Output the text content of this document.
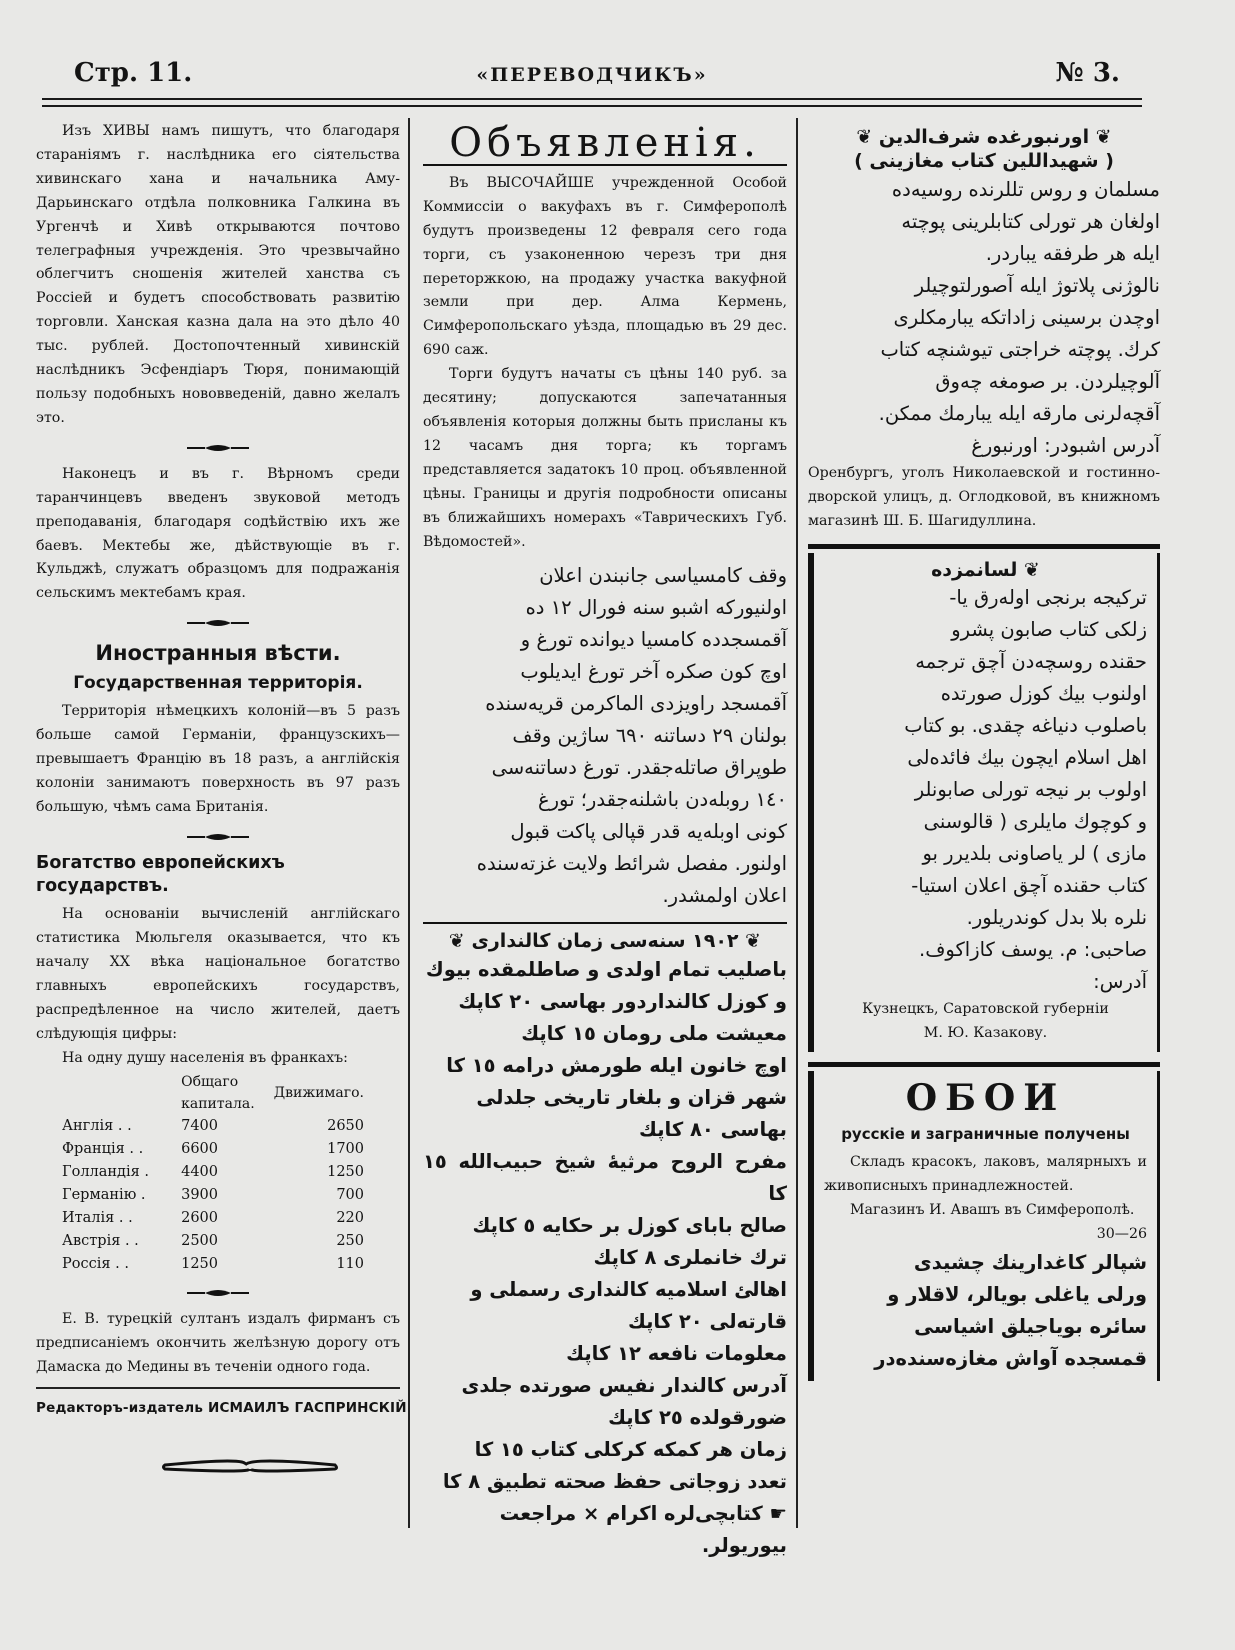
Стр. 11.	«ПЕРЕВОДЧИКЪ»	№ 3.

Изъ ХИВЫ намъ пишутъ, что благодаря стараніямъ г. наслѣдника его сіятельства хивинскаго хана и начальника Аму-Дарьинскаго отдѣла полковника Галкина въ Ургенчѣ и Хивѣ открываются почтово телеграфныя учрежденія. Это чрезвычайно облегчитъ сношенія жителей ханства съ Россіей и будетъ способствовать развитію торговли. Ханская казна дала на это дѣло 40 тыс. рублей. Достопочтенный хивинскій наслѣдникъ Эсфендіаръ Тюря, понимающій пользу подобныхъ нововведеній, давно желалъ это.

Наконецъ и въ г. Вѣрномъ среди таранчинцевъ введенъ звуковой методъ преподаванія, благодаря содѣйствію ихъ же баевъ. Мектебы же, дѣйствующіе въ г. Кульджѣ, служатъ образцомъ для подражанія сельскимъ мектебамъ края.

Иностранныя вѣсти.
Государственная территорія.

Территорія нѣмецкихъ колоній—въ 5 разъ больше самой Германіи, французскихъ—превышаетъ Францію въ 18 разъ, а англійскія колоніи занимаютъ поверхность въ 97 разъ большую, чѣмъ сама Британія.

Богатство европейскихъ государствъ.

На основаніи вычисленій англійскаго статистика Мюльгеля оказывается, что къ началу XX вѣка національное богатство главныхъ европейскихъ государствъ, распредѣленное на число жителей, даетъ слѣдующія цифры:

На одну душу населенія въ франкахъ:
	Общаго капитала.	Движимаго.
Англія . .	7400	2650
Франція . .	6600	1700
Голландія .	4400	1250
Германію .	3900	700
Италія . .	2600	220
Австрія . .	2500	250
Россія . .	1250	110

Е. В. турецкій султанъ издалъ фирманъ съ предписаніемъ окончить желѣзную дорогу отъ Дамаска до Медины въ теченіи одного года.

Редакторъ-издатель ИСМАИЛЪ ГАСПРИНСКІЙ
Объявленія.

Въ ВЫСОЧАЙШЕ учрежденной Особой Коммиссіи о вакуфахъ въ г. Симферополѣ будутъ произведены 12 февраля сего года торги, съ узаконенною черезъ три дня переторжкою, на продажу участка вакуфной земли при дер. Алма Кермень, Симферопольскаго уѣзда, площадью въ 29 дес. 690 саж.

Торги будутъ начаты съ цѣны 140 руб. за десятину; допускаются запечатанныя объявленія которыя должны быть присланы къ 12 часамъ дня торга; къ торгамъ представляется задатокъ 10 проц. объявленной цѣны. Границы и другія подробности описаны въ ближайшихъ номерахъ «Таврическихъ Губ. Вѣдомостей».

وقف كامسياسى جانبندن اعلان
اولنيوركه اشبو سنه فورال ١٢ ده
آقمسجدده كامسيا ديوانده تورغ و
اوچ كون صكره آخر تورغ ايديلوب
آقمسجد راويزدى الماكرمن قريه‌سنده
بولنان ٢٩ دساتنه ٦٩٠ ساژين وقف
طوپراق صاتله‌جقدر. تورغ دساتنه‌سى
١٤٠ روبله‌دن باشلنه‌جقدر؛ تورغ
كونى اوبله‌يه قدر قپالى پاكت قبول
اولنور. مفصل شرائط ولايت غزته‌سنده
اعلان اولمشدر.
❦ ١٩٠٢ سنه‌سى زمان كالندارى ❦
باصليب تمام اولدى و صاطلمقده بيوك
و كوزل كالنداردور بهاسى ٢٠ كاپك
معيشت ملى رومان ١٥ كاپك
اوچ خانون ايله طورمش درامه ١٥ كا
شهر قزان و بلغار تاريخى جلدلى
بهاسى ٨٠ كاپك
مفرح الروح مرثيهٔ شيخ حبيب‌الله ١٥ كا
صالح باباى كوزل بر حكايه ٥ كاپك
ترك خانملرى ٨ كاپك
اهالئ اسلاميه كالندارى رسملى و
قارته‌لى ٢٠ كاپك
معلومات نافعه ١٢ كاپك
آدرس كالندار نفيس صورتده جلدى
ضورقولده ٢٥ كاپك
زمان هر كمكه كركلى كتاب ١٥ كا
تعدد زوجاتى حفظ صحته تطبيق ٨ كا
☛ كتابچى‌لره اكرام × مراجعت
بيوريولر.
❦ اورنبورغده شرف‌الدين ❦
( شهيداللين كتاب مغازينى )
مسلمان و روس تللرنده روسيه‌ده
اولغان هر تورلى كتابلرينى پوچته
ايله هر طرفقه يباردر.
نالوژنى پلاتوژ ايله آصورلتوچيلر
اوچدن برسينى زاداتكه يبارمكلرى
كرك. پوچته خراجتى تيوشنچه كتاب
آلوچيلردن. بر صومغه چه‌وق
آقچه‌لرنى مارقه ايله يبارمك ممكن.
آدرس اشبودر: اورنبورغ

Оренбургъ, уголъ Николаевской и гостинно-дворской улицъ, д. Оглодковой, въ книжномъ магазинѣ Ш. Б. Шагидуллина.

❦ لسانمزده
تركيجه برنجى اوله‌رق يا-
زلكى كتاب صابون پشرو
حقنده روسچه‌دن آچق ترجمه
اولنوب بيك كوزل صورتده
باصلوب دنياغه چقدى. بو كتاب
اهل اسلام ايچون بيك فائده‌لى
اولوب بر نيجه تورلى صابونلر
و كوچوك مايلرى ( قالوسنى
مازى ) لر ياصاونى بلديرر بو
كتاب حقنده آچق اعلان استيا-
نلره بلا بدل كوندريلور.
صاحبى: م. يوسف كازاكوف.
آدرس:
Кузнецкъ, Саратовской губерніи
М. Ю. Казакову.
ОБОИ
русскіе и заграничные получены

Складъ красокъ, лаковъ, малярныхъ и живописныхъ принадлежностей.

Магазинъ И. Авашъ въ Симферополѣ.

30—26
شپالر كاغدارينك چشيدى
ورلى ياغلى بويالر، لاقلار و
سائره بوياجيلق اشياسى
قمسجده آواش مغازه‌سنده‌در
